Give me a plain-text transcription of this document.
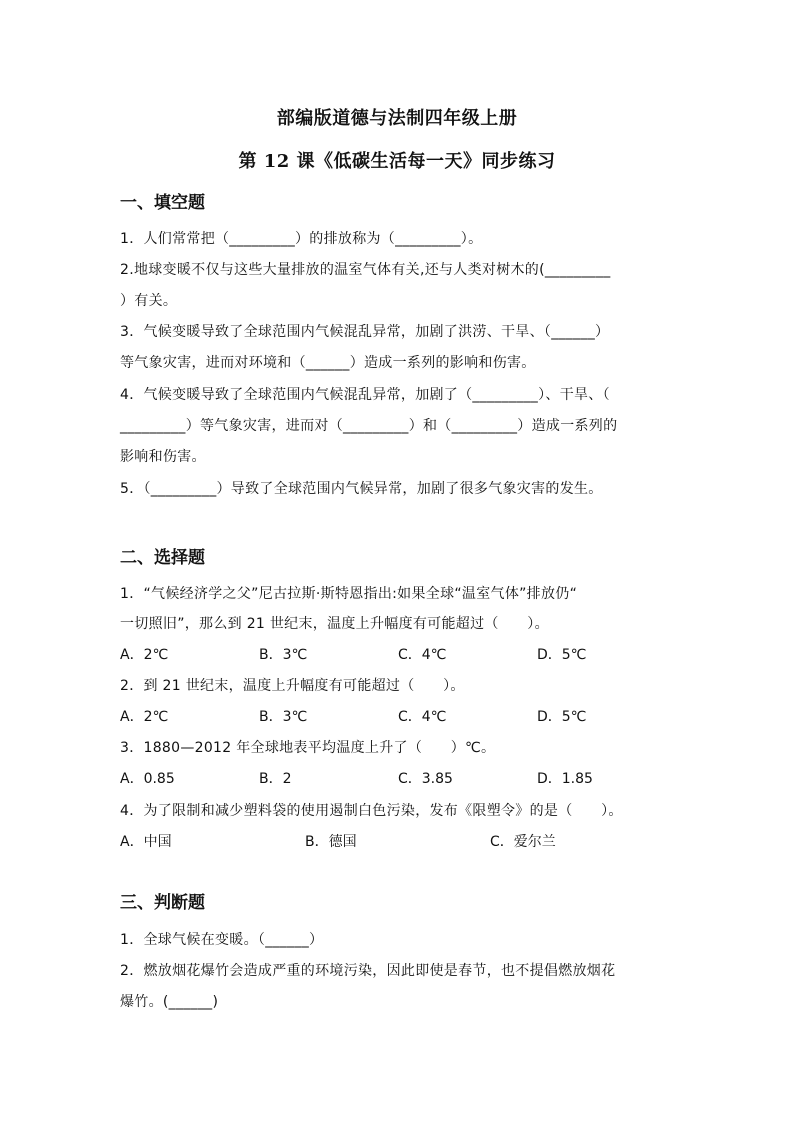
部编版道德与法制四年级上册
第 12 课《低碳生活每一天》同步练习
一、填空题
1．人们常常把（_________）的排放称为（_________）。
2.地球变暖不仅与这些大量排放的温室气体有关,还与人类对树木的(_________
）有关。
3．气候变暖导致了全球范围内气候混乱异常，加剧了洪涝、干旱、（______）
等气象灾害，进而对环境和（______）造成一系列的影响和伤害。
4．气候变暖导致了全球范围内气候混乱异常，加剧了（_________）、干旱、（
_________）等气象灾害，进而对（_________）和（_________）造成一系列的
影响和伤害。
5．（_________）导致了全球范围内气候异常，加剧了很多气象灾害的发生。
二、选择题
1．“气候经济学之父”尼古拉斯·斯特恩指出:如果全球“温室气体”排放仍“
一切照旧”，那么到 21 世纪末，温度上升幅度有可能超过（　　）。
A．2℃	B．3℃	C．4℃	D．5℃
2．到 21 世纪末，温度上升幅度有可能超过（　　）。
A．2℃	B．3℃	C．4℃	D．5℃
3．1880—2012 年全球地表平均温度上升了（　　）℃。
A．0.85	B．2	C．3.85	D．1.85
4．为了限制和减少塑料袋的使用遏制白色污染，发布《限塑令》的是（　　）。
A．中国	B．德国	C．爱尔兰
三、判断题
1．全球气候在变暖。（______）
2．燃放烟花爆竹会造成严重的环境污染，因此即使是春节，也不提倡燃放烟花
爆竹。(______)
